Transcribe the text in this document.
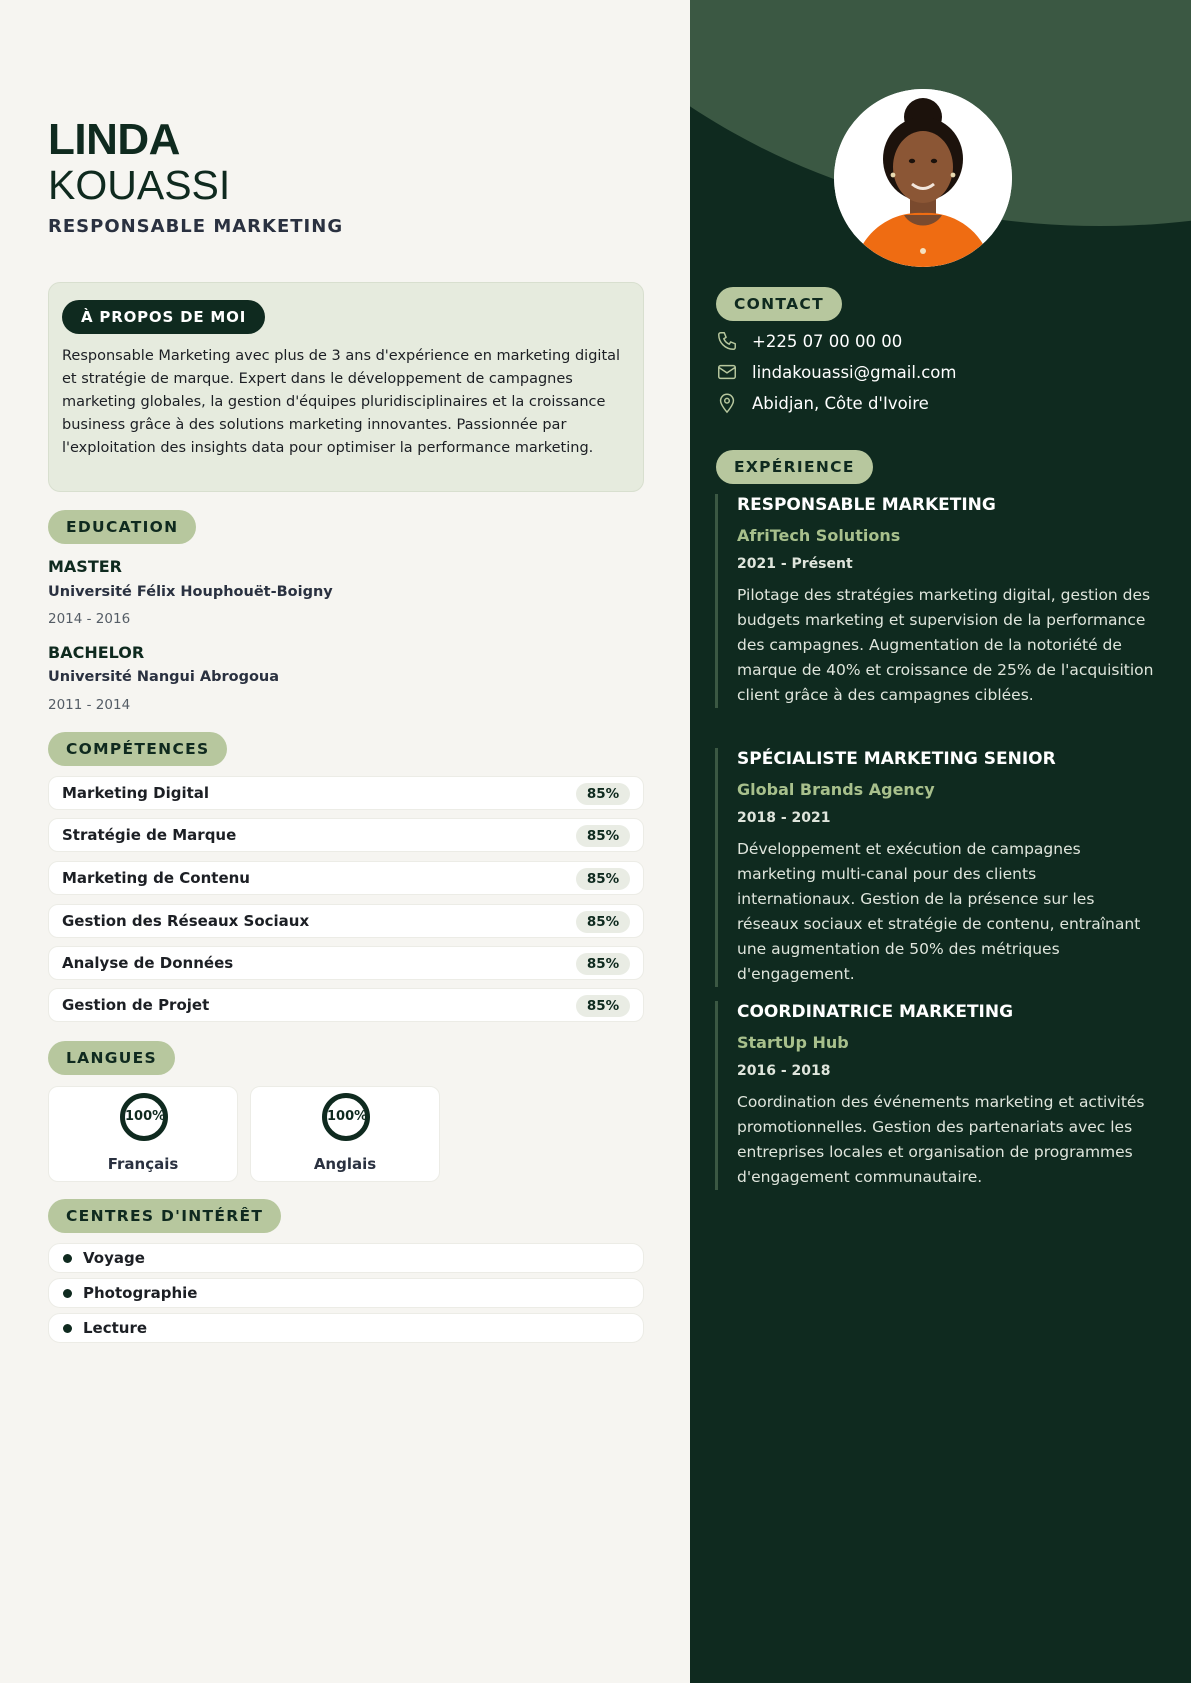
LINDA
KOUASSI
RESPONSABLE MARKETING
À PROPOS DE MOI
Responsable Marketing avec plus de 3 ans d'expérience en marketing digital et stratégie de marque. Expert dans le développement de campagnes marketing globales, la gestion d'équipes pluridisciplinaires et la croissance business grâce à des solutions marketing innovantes. Passionnée par l'exploitation des insights data pour optimiser la performance marketing.
EDUCATION
MASTER
Université Félix Houphouët-Boigny
2014 - 2016
BACHELOR
Université Nangui Abrogoua
2011 - 2014
COMPÉTENCES
Marketing Digital	85%
Stratégie de Marque	85%
Marketing de Contenu	85%
Gestion des Réseaux Sociaux	85%
Analyse de Données	85%
Gestion de Projet	85%
LANGUES
100%
Français
100%
Anglais
CENTRES D'INTÉRÊT
Voyage
Photographie
Lecture
CONTACT
+225 07 00 00 00
lindakouassi@gmail.com
Abidjan, Côte d'Ivoire
EXPÉRIENCE
RESPONSABLE MARKETING
AfriTech Solutions
2021 - Présent
Pilotage des stratégies marketing digital, gestion des budgets marketing et supervision de la performance des campagnes. Augmentation de la notoriété de marque de 40% et croissance de 25% de l'acquisition client grâce à des campagnes ciblées.
SPÉCIALISTE MARKETING SENIOR
Global Brands Agency
2018 - 2021
Développement et exécution de campagnes marketing multi-canal pour des clients internationaux. Gestion de la présence sur les réseaux sociaux et stratégie de contenu, entraînant une augmentation de 50% des métriques d'engagement.
COORDINATRICE MARKETING
StartUp Hub
2016 - 2018
Coordination des événements marketing et activités promotionnelles. Gestion des partenariats avec les entreprises locales et organisation de programmes d'engagement communautaire.
